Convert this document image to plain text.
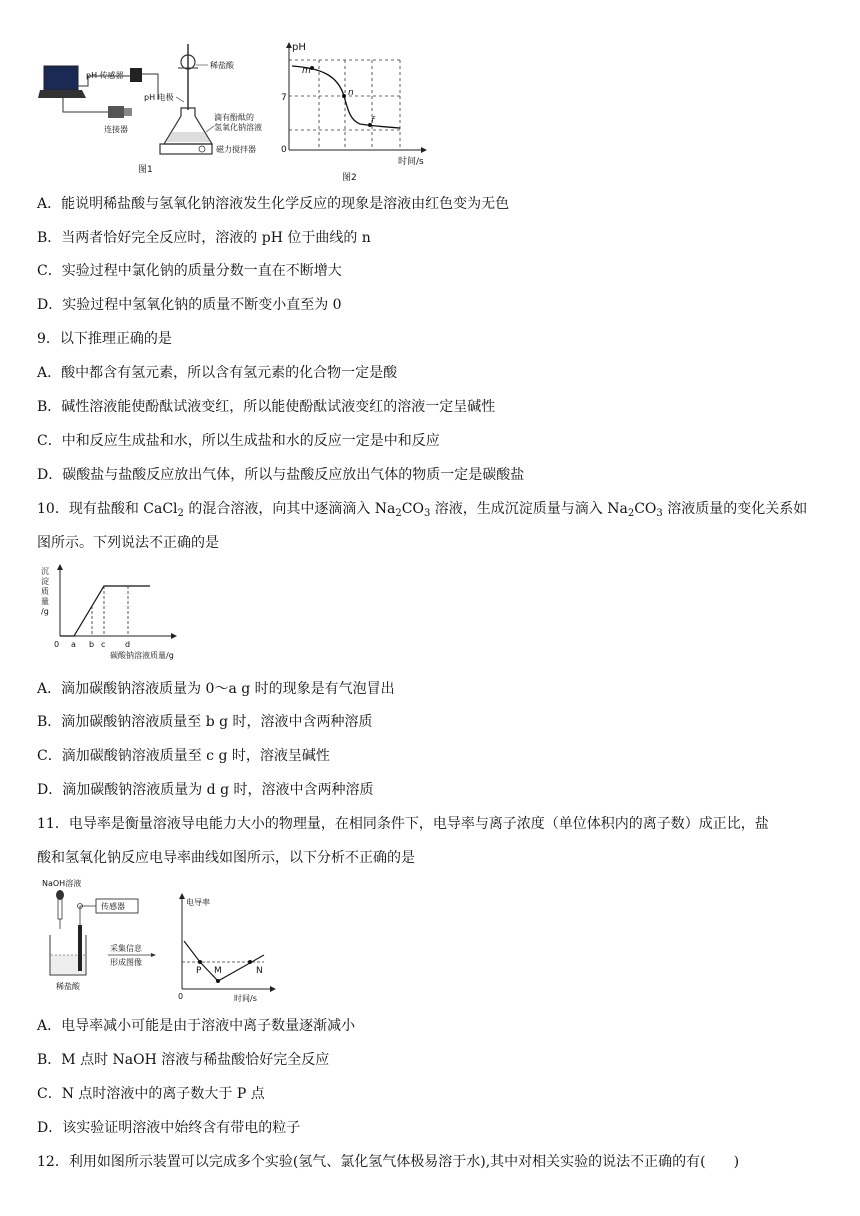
pH 传感器
连接器
稀盐酸
pH 电极
滴有酚酞的
氢氧化钠溶液
磁力搅拌器
图1
pH
7
0
时间/s
m
n
f
图2
A．能说明稀盐酸与氢氧化钠溶液发生化学反应的现象是溶液由红色变为无色
B．当两者恰好完全反应时，溶液的 pH 位于曲线的 n
C．实验过程中氯化钠的质量分数一直在不断增大
D．实验过程中氢氧化钠的质量不断变小直至为 0
9．以下推理正确的是
A．酸中都含有氢元素，所以含有氢元素的化合物一定是酸
B．碱性溶液能使酚酞试液变红，所以能使酚酞试液变红的溶液一定呈碱性
C．中和反应生成盐和水，所以生成盐和水的反应一定是中和反应
D．碳酸盐与盐酸反应放出气体，所以与盐酸反应放出气体的物质一定是碳酸盐
10．现有盐酸和 CaCl$_2$ 的混合溶液，向其中逐滴滴入 $Na_2CO_3$ 溶液，生成沉淀质量与滴入 $Na_2CO_3$ 溶液质量的变化关系如
图所示。下列说法不正确的是
沉
淀
质
量
/g
0 a b c d
碳酸钠溶液质量/g
A．滴加碳酸钠溶液质量为 0～a g 时的现象是有气泡冒出
B．滴加碳酸钠溶液质量至 b g 时，溶液中含两种溶质
C．滴加碳酸钠溶液质量至 c g 时，溶液呈碱性
D．滴加碳酸钠溶液质量为 d g 时，溶液中含两种溶质
11．电导率是衡量溶液导电能力大小的物理量，在相同条件下，电导率与离子浓度（单位体积内的离子数）成正比，盐
酸和氢氧化钠反应电导率曲线如图所示，以下分析不正确的是
NaOH溶液
传感器
稀盐酸
采集信息
形成图像
电导率
0	时间/s
P M	N
A．电导率减小可能是由于溶液中离子数量逐渐减小
B．M 点时 NaOH 溶液与稀盐酸恰好完全反应
C．N 点时溶液中的离子数大于 P 点
D．该实验证明溶液中始终含有带电的粒子
12．利用如图所示装置可以完成多个实验(氢气、氯化氢气体极易溶于水),其中对相关实验的说法不正确的有(　　)
